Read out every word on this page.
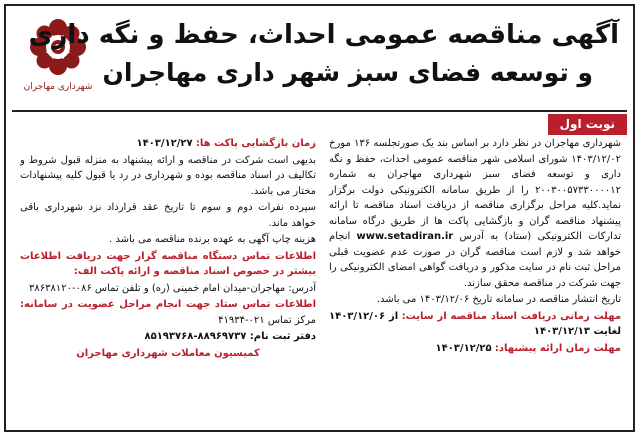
شهرداری مهاجران
آگهی مناقصه عمومی احداث، حفظ و نگه داری
و توسعه فضای سبز شهر داری مهاجران
نوبت اول

شهرداری مهاجران در نظر دارد بر اساس بند یک صورتجلسه ۱۳۶ مورخ ۱۴۰۳/۱۲/۰۲ شورای اسلامی شهر مناقصه عمومی احداث، حفظ و نگه داری و توسعه فضای سبز شهرداری مهاجران به شماره ۲۰۰۳۰۰۵۷۳۳۰۰۰۰۱۲ را از طریق سامانه الکترونیکی دولت برگزار نماید.کلیه مراحل برگزاری مناقصه از دریافت اسناد مناقصه تا ارائه پیشنهاد مناقصه گران و بازگشایی پاکت ها از طریق درگاه سامانه تدارکات الکترونیکی (ستاد) به آدرس www.setadiran.ir انجام خواهد شد و لازم است مناقصه گران در صورت عدم عضویت قبلی مراحل ثبت نام در سایت مذکور و دریافت گواهی امضای الکترونیکی را جهت شرکت در مناقصه محقق سازند.

تاریخ انتشار مناقصه در سامانه تاریخ ۱۴۰۳/۱۲/۰۶ می باشد.

مهلت زمانی دریافت اسناد مناقصه از سایت: از ۱۴۰۳/۱۲/۰۶ لغایت ۱۴۰۳/۱۲/۱۳

مهلت زمان ارائه پیشنهاد: ۱۴۰۳/۱۲/۲۵

زمان بازگشایی پاکت ها: ۱۴۰۳/۱۲/۲۷

بدیهی است شرکت در مناقصه و ارائه پیشنهاد به منزله قبول شروط و تکالیف در اسناد مناقصه بوده و شهرداری در رد یا قبول کلیه پیشنهادات مختار می باشد.

سپرده نفرات دوم و سوم تا تاریخ عقد قرارداد نزد شهرداری باقی خواهد ماند.

هزینه چاپ آگهی به عهده برنده مناقصه می باشد .

اطلاعات تماس دستگاه مناقصه گزار جهت دریافت اطلاعات بیشتر در خصوص اسناد مناقصه و ارائه پاکت الف:

آدرس: مهاجران-میدان امام خمینی (ره) و تلفن تماس ۰۸۶-۳۸۶۳۸۱۲۰

اطلاعات تماس ستاد جهت انجام مراحل عضویت در سامانه: مرکز تماس ۰۲۱-۴۱۹۳۴

دفتر ثبت نام: ۸۸۹۶۹۷۳۷-۸۵۱۹۳۷۶۸

کمیسیون معاملات شهرداری مهاجران
